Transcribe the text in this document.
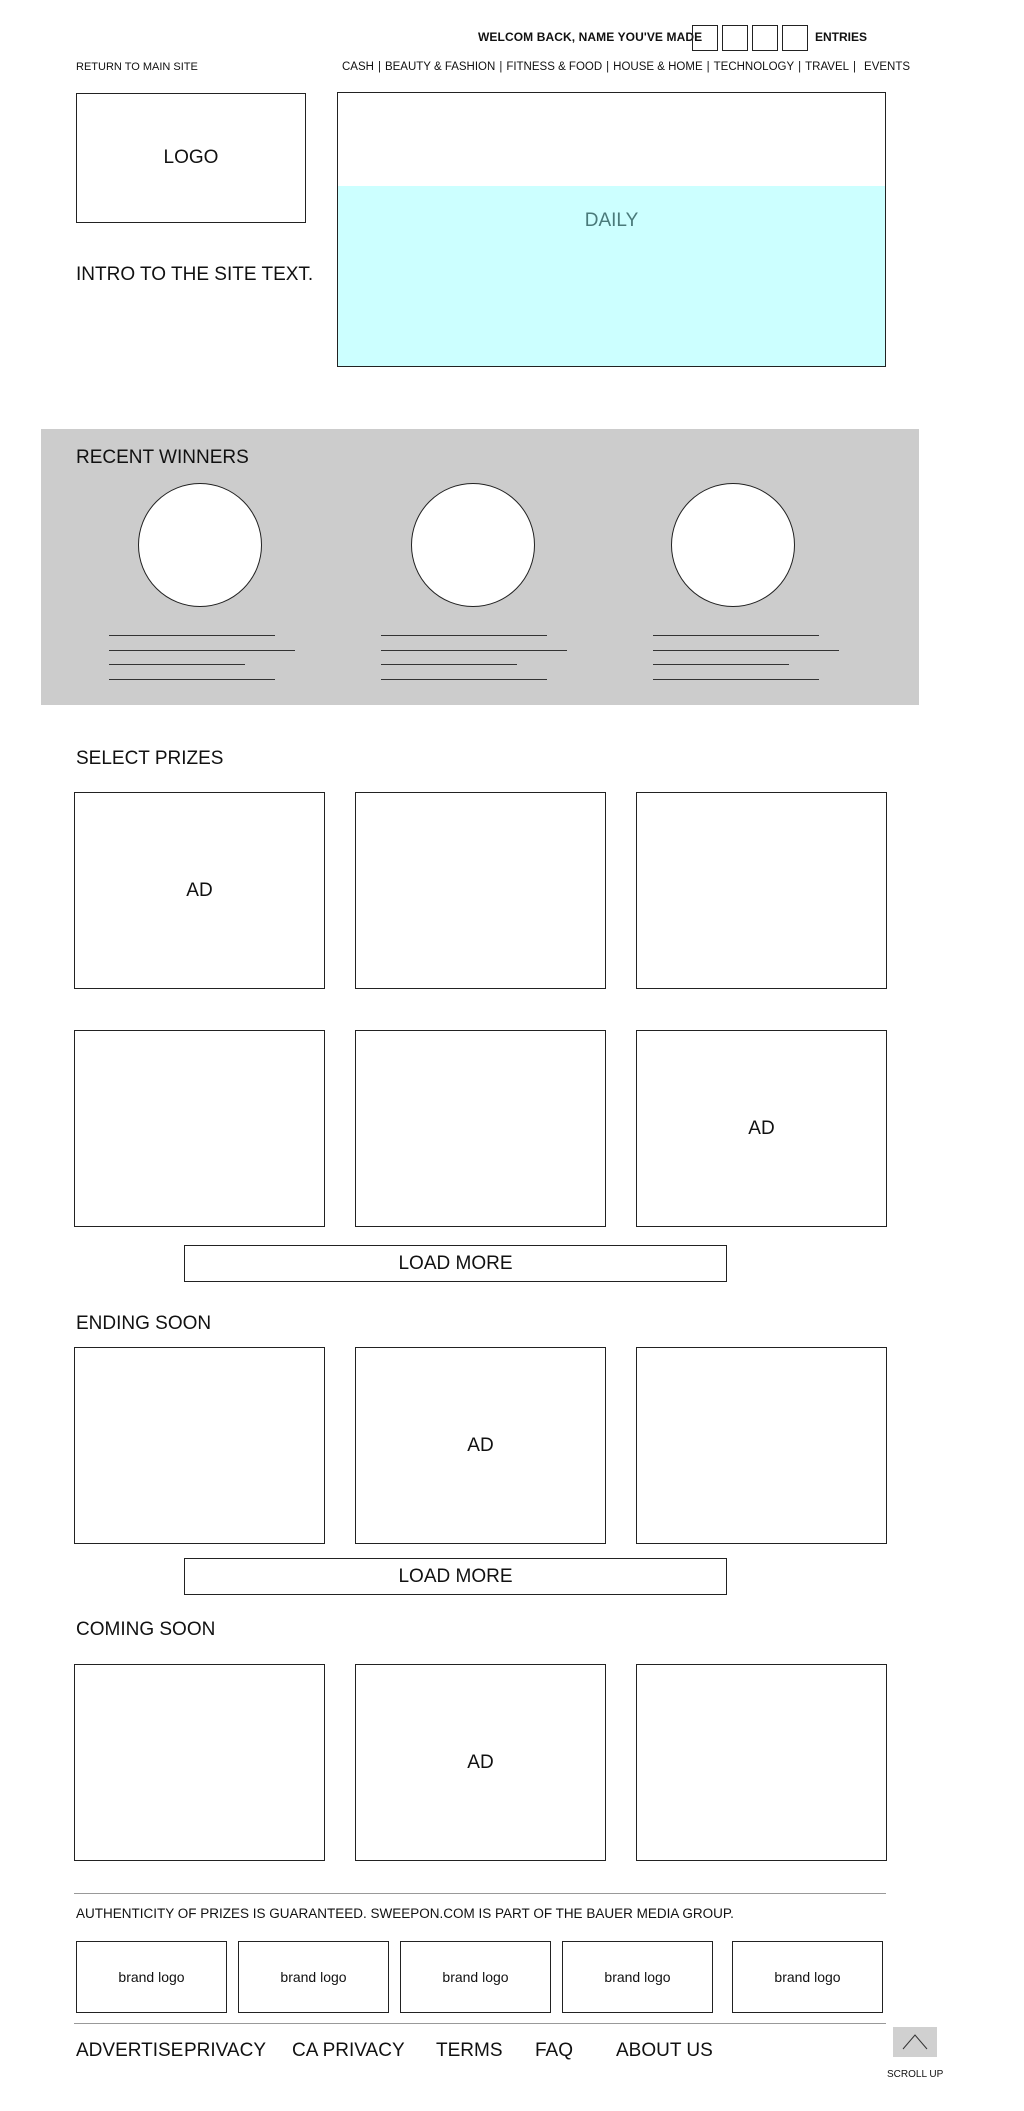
WELCOM BACK, NAME YOU'VE MADE	ENTRIES
RETURN TO MAIN SITE	CASH | BEAUTY & FASHION | FITNESS & FOOD | HOUSE & HOME | TECHNOLOGY | TRAVEL | EVENTS
LOGO
INTRO TO THE SITE TEXT.
DAILY
RECENT WINNERS
SELECT PRIZES
AD
AD
LOAD MORE
ENDING SOON
AD
LOAD MORE
COMING SOON
AD
AUTHENTICITY OF PRIZES IS GUARANTEED. SWEEPON.COM IS PART OF THE BAUER MEDIA GROUP.
brand logo	brand logo	brand logo	brand logo	brand logo
ADVERTISE PRIVACY CA PRIVACY TERMS FAQ ABOUT US
SCROLL UP
